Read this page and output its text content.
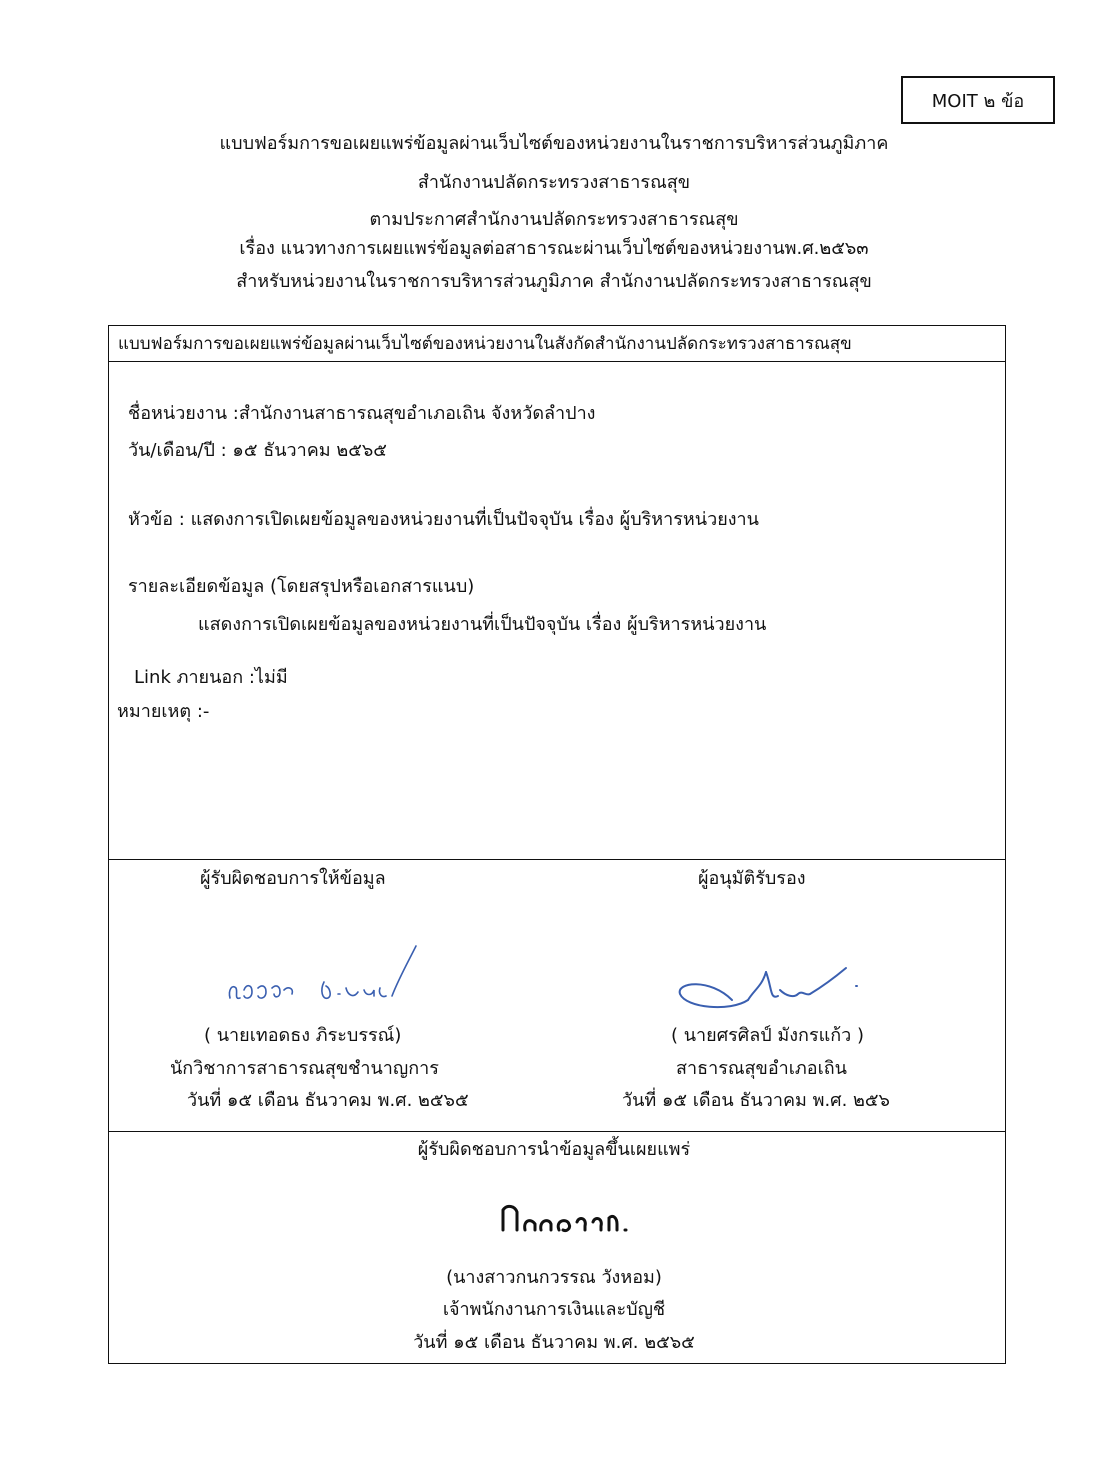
MOIT ๒ ข้อ
แบบฟอร์มการขอเผยแพร่ข้อมูลผ่านเว็บไซต์ของหน่วยงานในราชการบริหารส่วนภูมิภาค
สำนักงานปลัดกระทรวงสาธารณสุข
ตามประกาศสำนักงานปลัดกระทรวงสาธารณสุข
เรื่อง แนวทางการเผยแพร่ข้อมูลต่อสาธารณะผ่านเว็บไซต์ของหน่วยงานพ.ศ.๒๕๖๓
สำหรับหน่วยงานในราชการบริหารส่วนภูมิภาค สำนักงานปลัดกระทรวงสาธารณสุข
แบบฟอร์มการขอเผยแพร่ข้อมูลผ่านเว็บไซต์ของหน่วยงานในสังกัดสำนักงานปลัดกระทรวงสาธารณสุข
ชื่อหน่วยงาน :สำนักงานสาธารณสุขอำเภอเถิน จังหวัดลำปาง
วัน/เดือน/ปี : ๑๕ ธันวาคม ๒๕๖๕
หัวข้อ : แสดงการเปิดเผยข้อมูลของหน่วยงานที่เป็นปัจจุบัน เรื่อง ผู้บริหารหน่วยงาน
รายละเอียดข้อมูล (โดยสรุปหรือเอกสารแนบ)
แสดงการเปิดเผยข้อมูลของหน่วยงานที่เป็นปัจจุบัน เรื่อง ผู้บริหารหน่วยงาน
Link ภายนอก :ไม่มี
หมายเหตุ :-
ผู้รับผิดชอบการให้ข้อมูล	ผู้อนุมัติรับรอง
( นายเทอดธง ภิระบรรณ์)
นักวิชาการสาธารณสุขชำนาญการ
วันที่ ๑๕ เดือน ธันวาคม พ.ศ. ๒๕๖๕
( นายศรศิลป์ มังกรแก้ว )
สาธารณสุขอำเภอเถิน
วันที่ ๑๕ เดือน ธันวาคม พ.ศ. ๒๕๖
ผู้รับผิดชอบการนำข้อมูลขึ้นเผยแพร่
(นางสาวกนกวรรณ วังหอม)
เจ้าพนักงานการเงินและบัญชี
วันที่ ๑๕ เดือน ธันวาคม พ.ศ. ๒๕๖๕
